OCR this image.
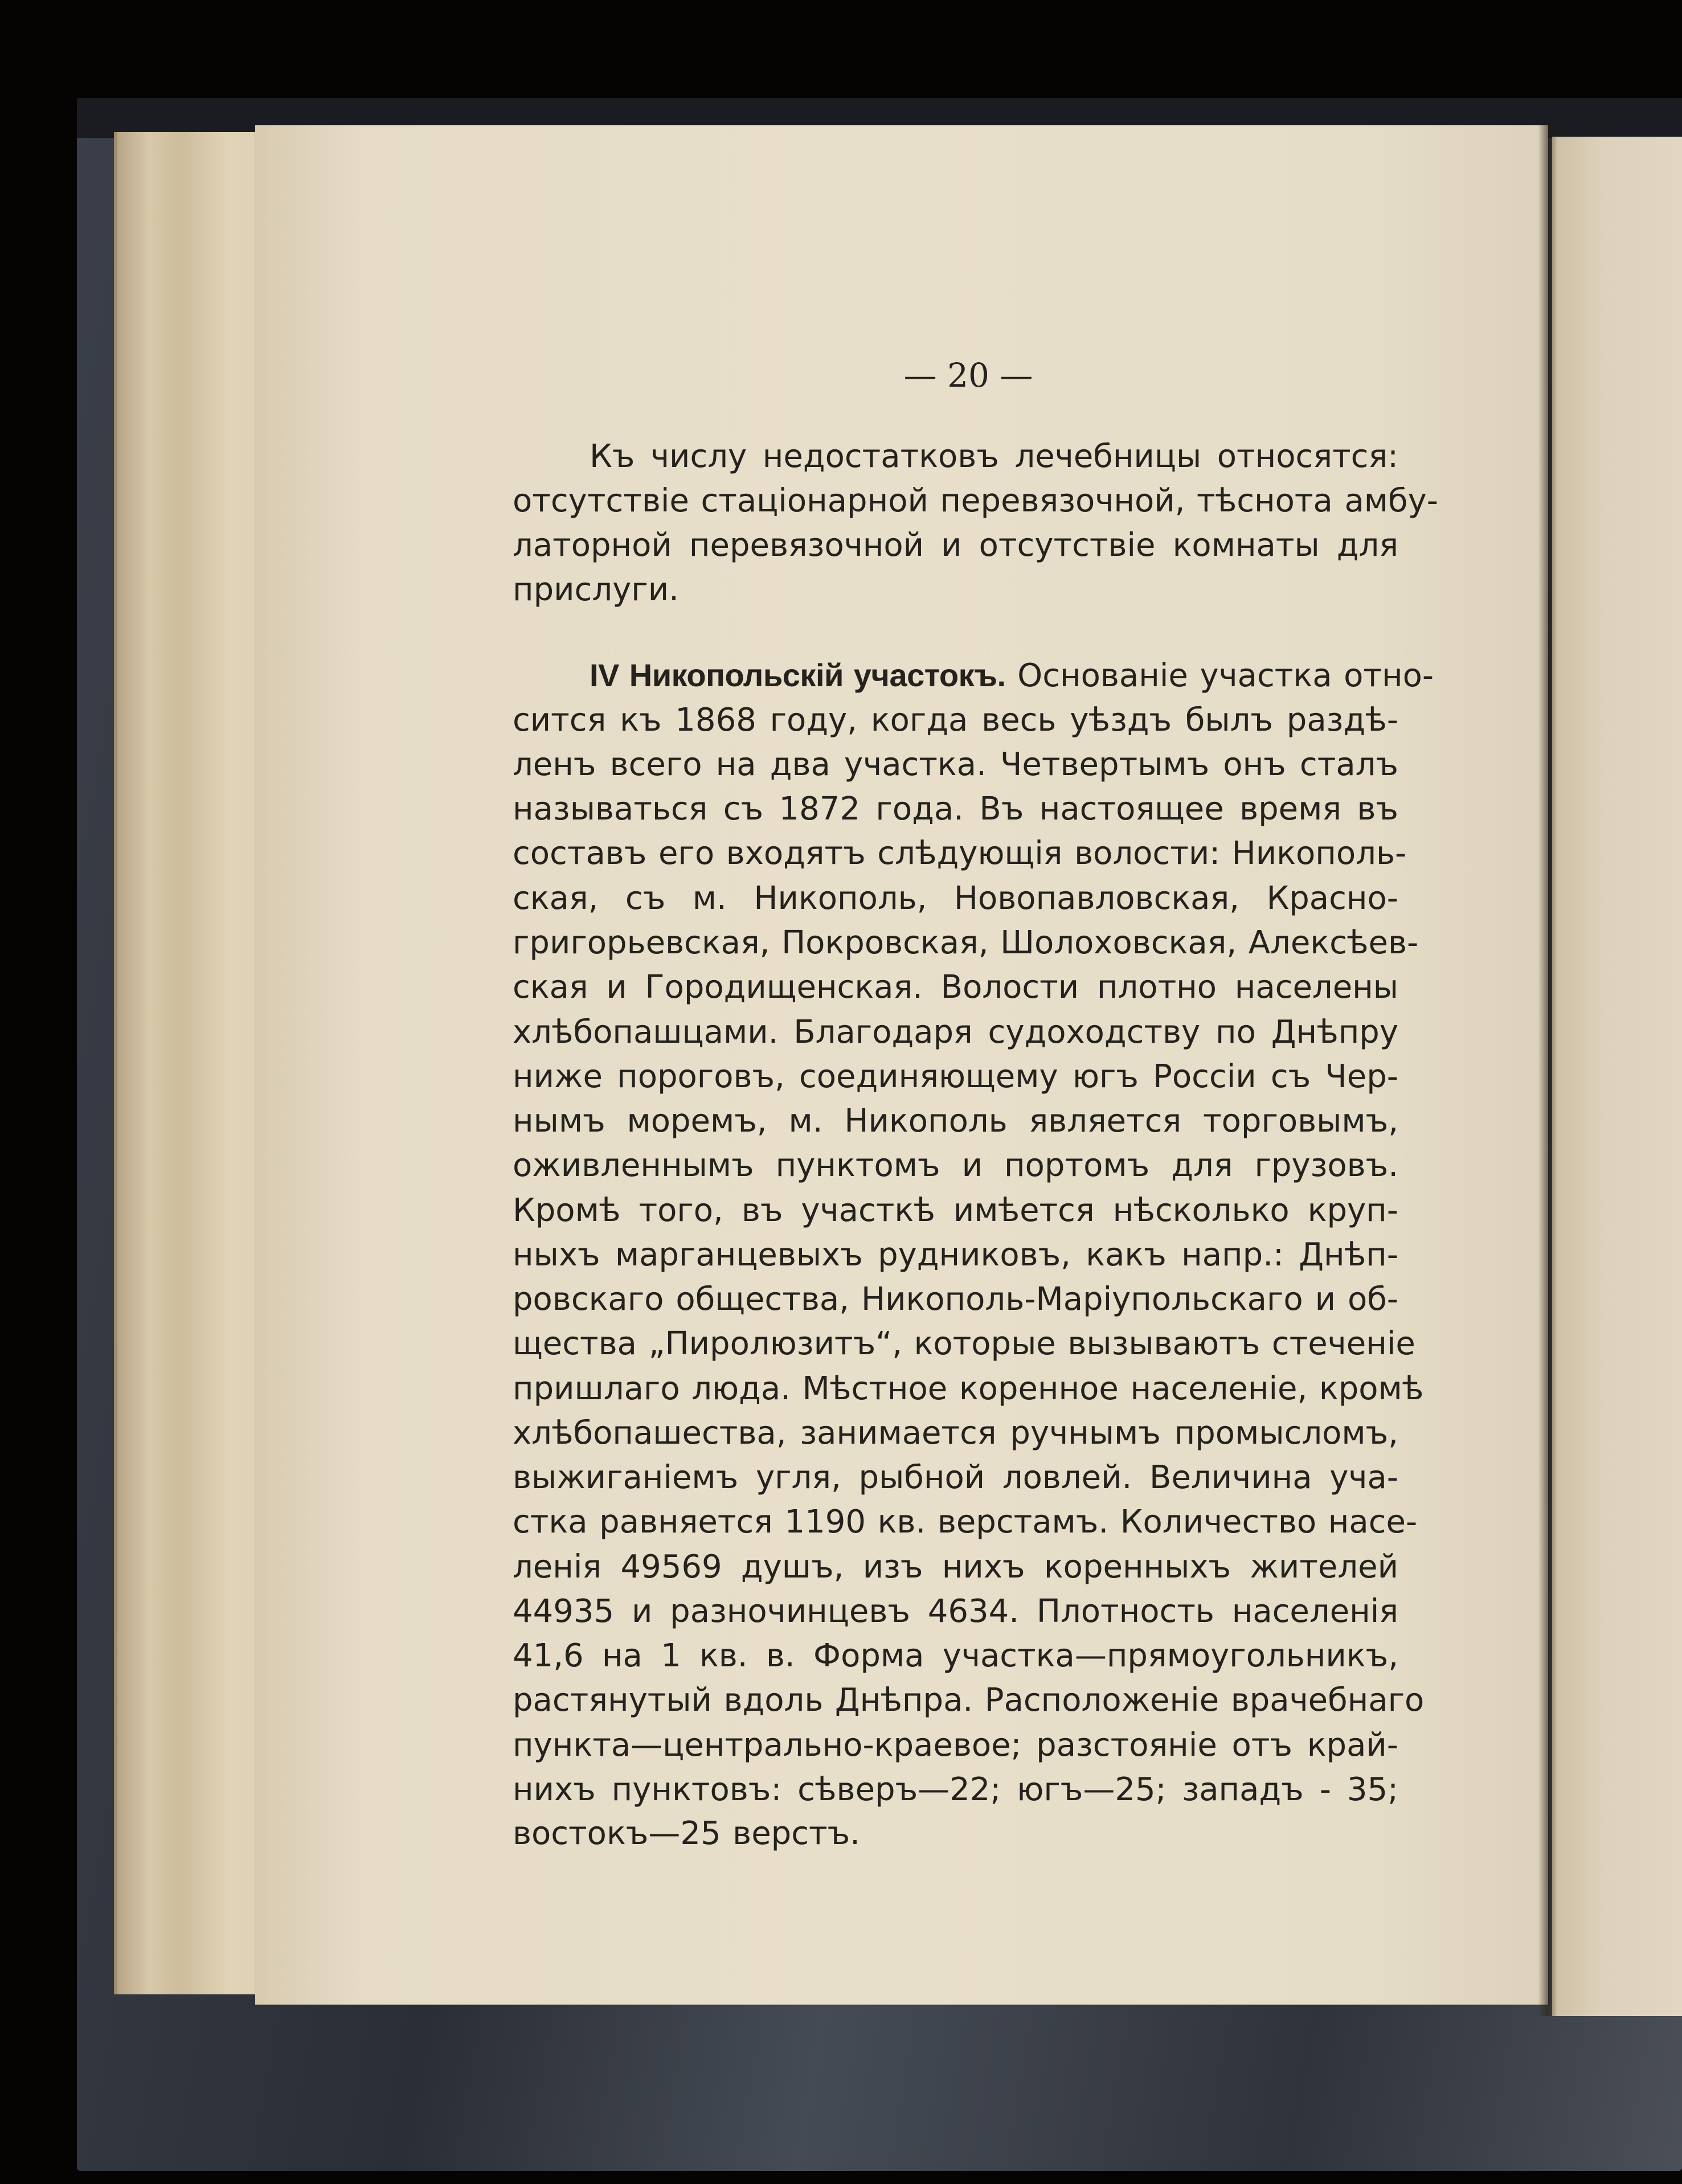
— 20 —
Къ числу недостатковъ лечебницы относятся:
отсутствіе стаціонарной перевязочной, тѣснота амбу-
латорной перевязочной и отсутствіе комнаты для
прислуги.
IV Никопольскій участокъ. Основаніе участка отно-
сится къ 1868 году, когда весь уѣздъ былъ раздѣ-
ленъ всего на два участка. Четвертымъ онъ сталъ
называться съ 1872 года. Въ настоящее время въ
составъ его входятъ слѣдующія волости: Никополь-
ская, съ м. Никополь, Новопавловская, Красно-
григорьевская, Покровская, Шолоховская, Алексѣев-
ская и Городищенская. Волости плотно населены
хлѣбопашцами. Благодаря судоходству по Днѣпру
ниже пороговъ, соединяющему югъ Россіи съ Чер-
нымъ моремъ, м. Никополь является торговымъ,
оживленнымъ пунктомъ и портомъ для грузовъ.
Кромѣ того, въ участкѣ имѣется нѣсколько круп-
ныхъ марганцевыхъ рудниковъ, какъ напр.: Днѣп-
ровскаго общества, Никополь-Маріупольскаго и об-
щества „Пиролюзитъ“, которые вызываютъ стеченіе
пришлаго люда. Мѣстное коренное населеніе, кромѣ
хлѣбопашества, занимается ручнымъ промысломъ,
выжиганіемъ угля, рыбной ловлей. Величина уча-
стка равняется 1190 кв. верстамъ. Количество насе-
ленія 49569 душъ, изъ нихъ коренныхъ жителей
44935 и разночинцевъ 4634. Плотность населенія
41,6 на 1 кв. в. Форма участка—прямоугольникъ,
растянутый вдоль Днѣпра. Расположеніе врачебнаго
пункта—центрально-краевое; разстояніе отъ край-
нихъ пунктовъ: сѣверъ—22; югъ—25; западъ - 35;
востокъ—25 верстъ.
